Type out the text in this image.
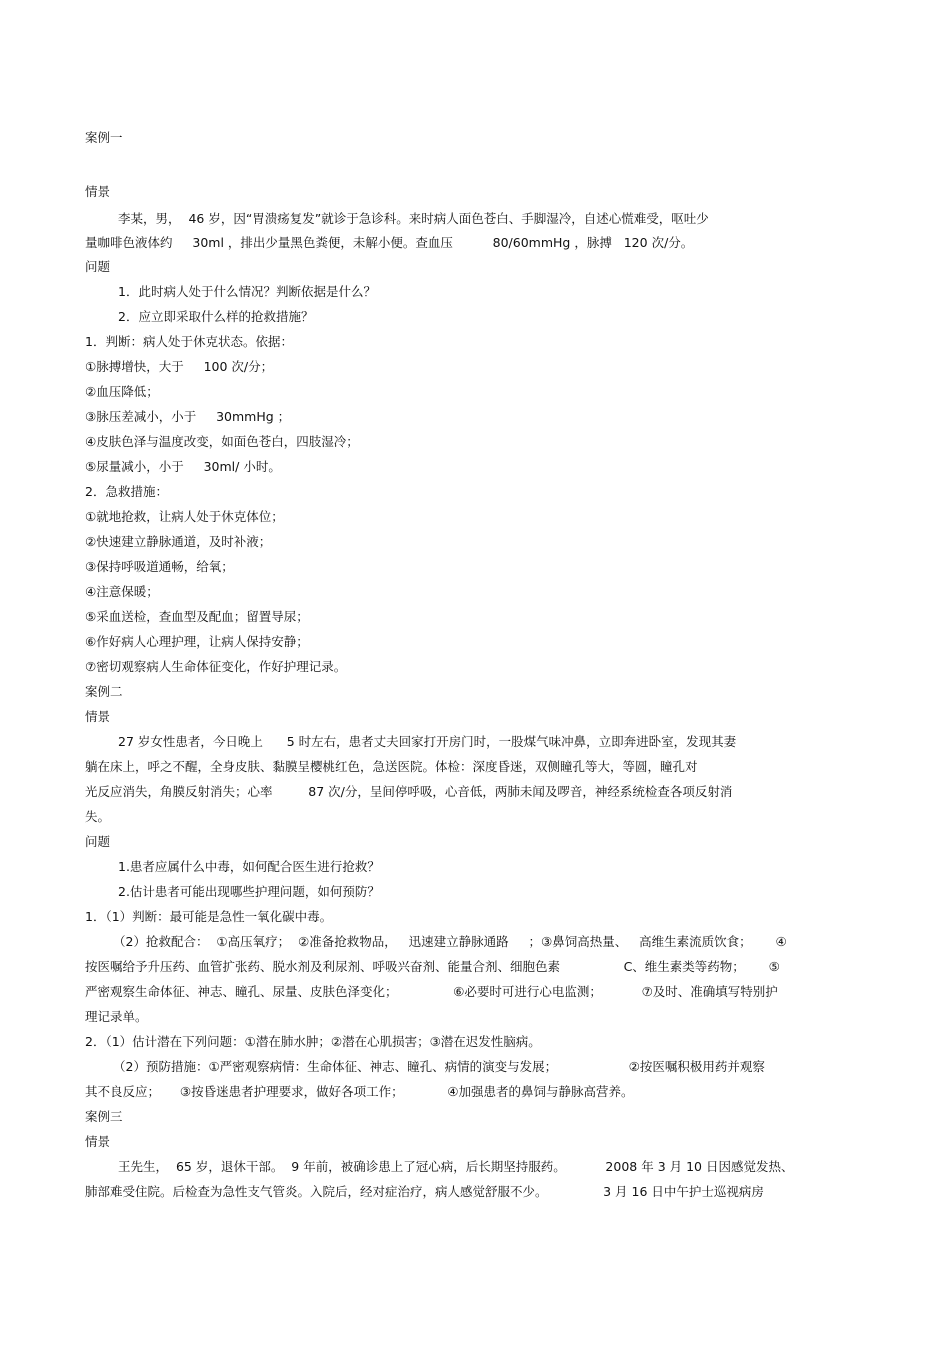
案例一
情景
李某，男，  46 岁，因“胃溃疡复发”就诊于急诊科。来时病人面色苍白、手脚湿冷，自述心慌难受，呕吐少
量咖啡色液体约     30ml ，排出少量黑色粪便，未解小便。查血压          80/60mmHg ，脉搏   120 次/分。
问题
1．此时病人处于什么情况？判断依据是什么？
2．应立即采取什么样的抢救措施？
1．判断：病人处于休克状态。依据：
①脉搏增快，大于     100 次/分；
②血压降低；
③脉压差减小，小于     30mmHg ；
④皮肤色泽与温度改变，如面色苍白，四肢湿冷；
⑤尿量减小，小于     30ml/ 小时。
2．急救措施：
①就地抢救，让病人处于休克体位；
②快速建立静脉通道，及时补液；
③保持呼吸道通畅，给氧；
④注意保暖；
⑤采血送检，查血型及配血；留置导尿；
⑥作好病人心理护理，让病人保持安静；
⑦密切观察病人生命体征变化，作好护理记录。
案例二
情景
27 岁女性患者，今日晚上      5 时左右，患者丈夫回家打开房门时，一股煤气味冲鼻，立即奔进卧室，发现其妻
躺在床上，呼之不醒，全身皮肤、黏膜呈樱桃红色，急送医院。体检：深度昏迷，双侧瞳孔等大，等圆，瞳孔对
光反应消失，角膜反射消失；心率         87 次/分，呈间停呼吸，心音低，两肺未闻及啰音，神经系统检查各项反射消
失。
问题
1.患者应属什么中毒，如何配合医生进行抢救？
2.估计患者可能出现哪些护理问题，如何预防？
1．（1）判断：最可能是急性一氧化碳中毒。
（2）抢救配合：  ①高压氧疗；  ②准备抢救物品，   迅速建立静脉通路     ；③鼻饲高热量、   高维生素流质饮食；      ④
按医嘱给予升压药、血管扩张药、脱水剂及利尿剂、呼吸兴奋剂、能量合剂、细胞色素                C、维生素类等药物；      ⑤
严密观察生命体征、神志、瞳孔、尿量、皮肤色泽变化；              ⑥必要时可进行心电监测；          ⑦及时、准确填写特别护
理记录单。
2．（1）估计潜在下列问题：①潜在肺水肿；②潜在心肌损害；③潜在迟发性脑病。
（2）预防措施：①严密观察病情：生命体征、神志、瞳孔、病情的演变与发展；                  ②按医嘱积极用药并观察
其不良反应；     ③按昏迷患者护理要求，做好各项工作；           ④加强患者的鼻饲与静脉高营养。
案例三
情景
王先生，  65 岁，退休干部。  9 年前，被确诊患上了冠心病，后长期坚持服药。          2008 年 3 月 10 日因感觉发热、
肺部难受住院。后检查为急性支气管炎。入院后，经对症治疗，病人感觉舒服不少。              3 月 16 日中午护士巡视病房
